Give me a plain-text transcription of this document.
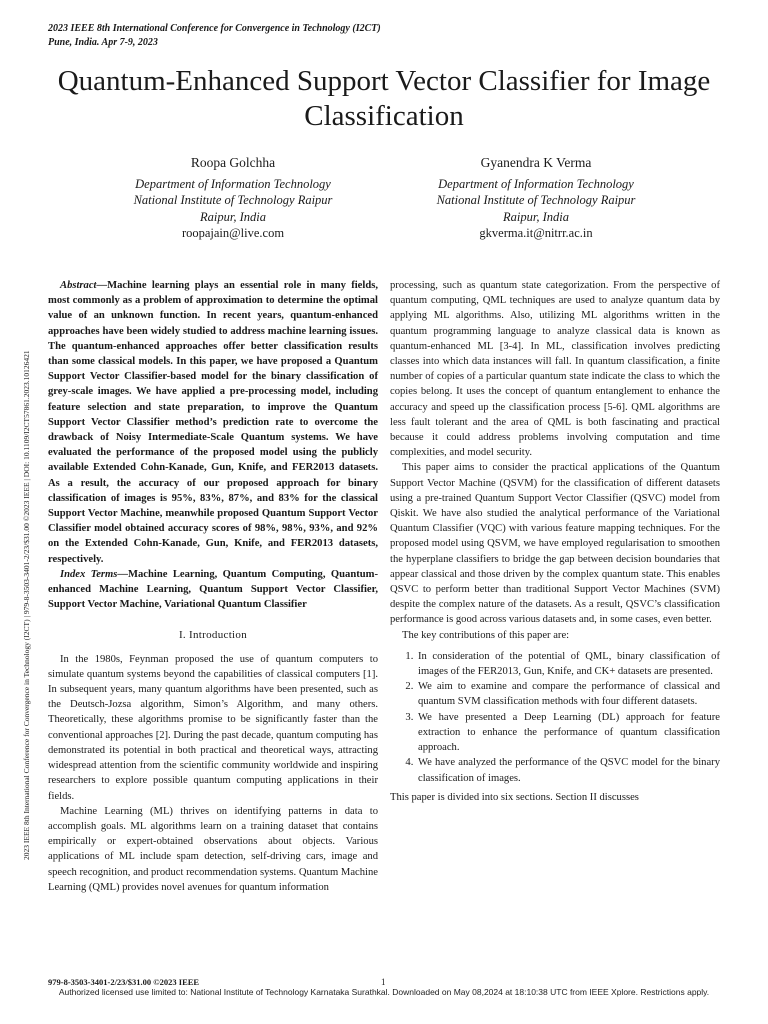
2023 IEEE 8th International Conference for Convergence in Technology (I2CT)
Pune, India. Apr 7-9, 2023
Quantum-Enhanced Support Vector Classifier for Image Classification
Roopa Golchha
Department of Information Technology
National Institute of Technology Raipur
Raipur, India
roopajain@live.com
Gyanendra K Verma
Department of Information Technology
National Institute of Technology Raipur
Raipur, India
gkverma.it@nitrr.ac.in
2023 IEEE 8th International Conference for Convergence in Technology (I2CT) | 979-8-3503-3401-2/23/$31.00 ©2023 IEEE | DOI: 10.1109/I2CT57861.2023.10126421

Abstract—Machine learning plays an essential role in many fields, most commonly as a problem of approximation to determine the optimal value of an unknown function. In recent years, quantum-enhanced approaches have been widely studied to address machine learning issues. The quantum-enhanced approaches offer better classification results than some classical models. In this paper, we have proposed a Quantum Support Vector Classifier-based model for the binary classification of grey-scale images. We have applied a pre-processing model, including feature selection and state preparation, to improve the Quantum Support Vector Classifier method’s prediction rate to overcome the drawback of Noisy Intermediate-Scale Quantum systems. We have evaluated the performance of the proposed model using the publicly available Extended Cohn-Kanade, Gun, Knife, and FER2013 datasets. As a result, the accuracy of our proposed approach for binary classification of images is 95%, 83%, 87%, and 83% for the classical Support Vector Machine, meanwhile proposed Quantum Support Vector Classifier model obtained accuracy scores of 98%, 98%, 93%, and 92% on the Extended Cohn-Kanade, Gun, Knife, and FER2013 datasets, respectively.

Index Terms—Machine Learning, Quantum Computing, Quantum-enhanced Machine Learning, Quantum Support Vector Classifier, Support Vector Machine, Variational Quantum Classifier

I. Introduction

In the 1980s, Feynman proposed the use of quantum computers to simulate quantum systems beyond the capabilities of classical computers [1]. In subsequent years, many quantum algorithms have been presented, such as the Deutsch-Jozsa algorithm, Simon’s Algorithm, and many others. Theoretically, these algorithms promise to be significantly faster than the conventional approaches [2]. During the past decade, quantum computing has demonstrated its potential in both practical and theoretical ways, attracting widespread attention from the scientific community worldwide and inspiring researchers to explore possible quantum computing applications in their fields.

Machine Learning (ML) thrives on identifying patterns in data to accomplish goals. ML algorithms learn on a training dataset that contains empirically or expert-obtained observations about objects. Various applications of ML include spam detection, self-driving cars, image and speech recognition, and product recommendation systems. Quantum Machine Learning (QML) provides novel avenues for quantum information

processing, such as quantum state categorization. From the perspective of quantum computing, QML techniques are used to analyze quantum data by applying ML algorithms. Also, utilizing ML algorithms written in the quantum programming language to analyze classical data is known as quantum-enhanced ML [3-4]. In ML, classification involves predicting classes into which data instances will fall. In quantum classification, a finite number of copies of a particular quantum state indicate the class to which the copies belong. It uses the concept of quantum entanglement to enhance the accuracy and speed up the classification process [5-6]. QML algorithms are less fault tolerant and the area of QML is both fascinating and practical because it could address problems involving computation and time complexities, and model security.

This paper aims to consider the practical applications of the Quantum Support Vector Machine (QSVM) for the classification of different datasets using a pre-trained Quantum Support Vector Classifier (QSVC) model from Qiskit. We have also studied the analytical performance of the Variational Quantum Classifier (VQC) with various feature mapping techniques. For the proposed model using QSVM, we have employed regularisation to smoothen the hyperplane classifiers to bridge the gap between decision boundaries that appear classical and those driven by the complex quantum state. This enables QSVC to perform better than traditional Support Vector Machines (SVM) despite the complex nature of the datasets. As a result, QSVC’s classification performance is good across various datasets and, in some cases, even better.

The key contributions of this paper are:

1. In consideration of the potential of QML, binary classification of images of the FER2013, Gun, Knife, and CK+ datasets are presented.
2. We aim to examine and compare the performance of classical and quantum SVM classification methods with four different datasets.
3. We have presented a Deep Learning (DL) approach for feature extraction to enhance the performance of quantum classification approach.
4. We have analyzed the performance of the QSVC model for the binary classification of images.

This paper is divided into six sections. Section II discusses

979-8-3503-3401-2/23/$31.00 ©2023 IEEE	1
Authorized licensed use limited to: National Institute of Technology Karnataka Surathkal. Downloaded on May 08,2024 at 18:10:38 UTC from IEEE Xplore. Restrictions apply.
